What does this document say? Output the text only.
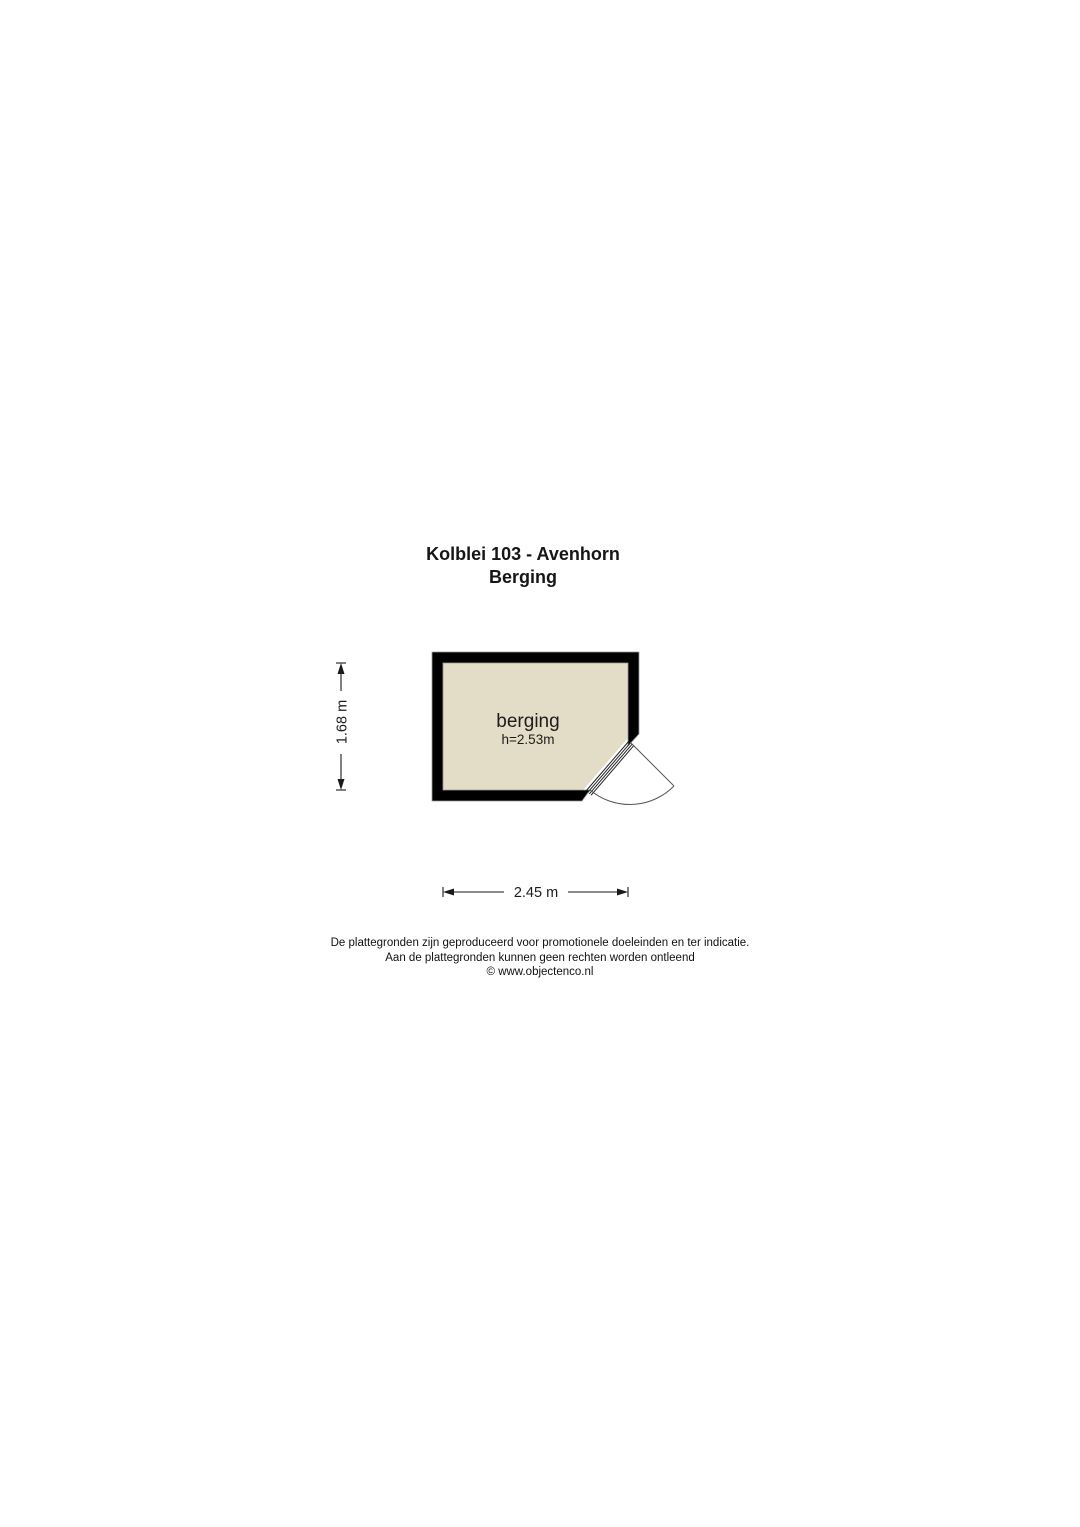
Kolblei 103 - Avenhorn
Berging
berging
h=2.53m
1.68 m
2.45 m
De plattegronden zijn geproduceerd voor promotionele doeleinden en ter indicatie.
Aan de plattegronden kunnen geen rechten worden ontleend
© www.objectenco.nl
